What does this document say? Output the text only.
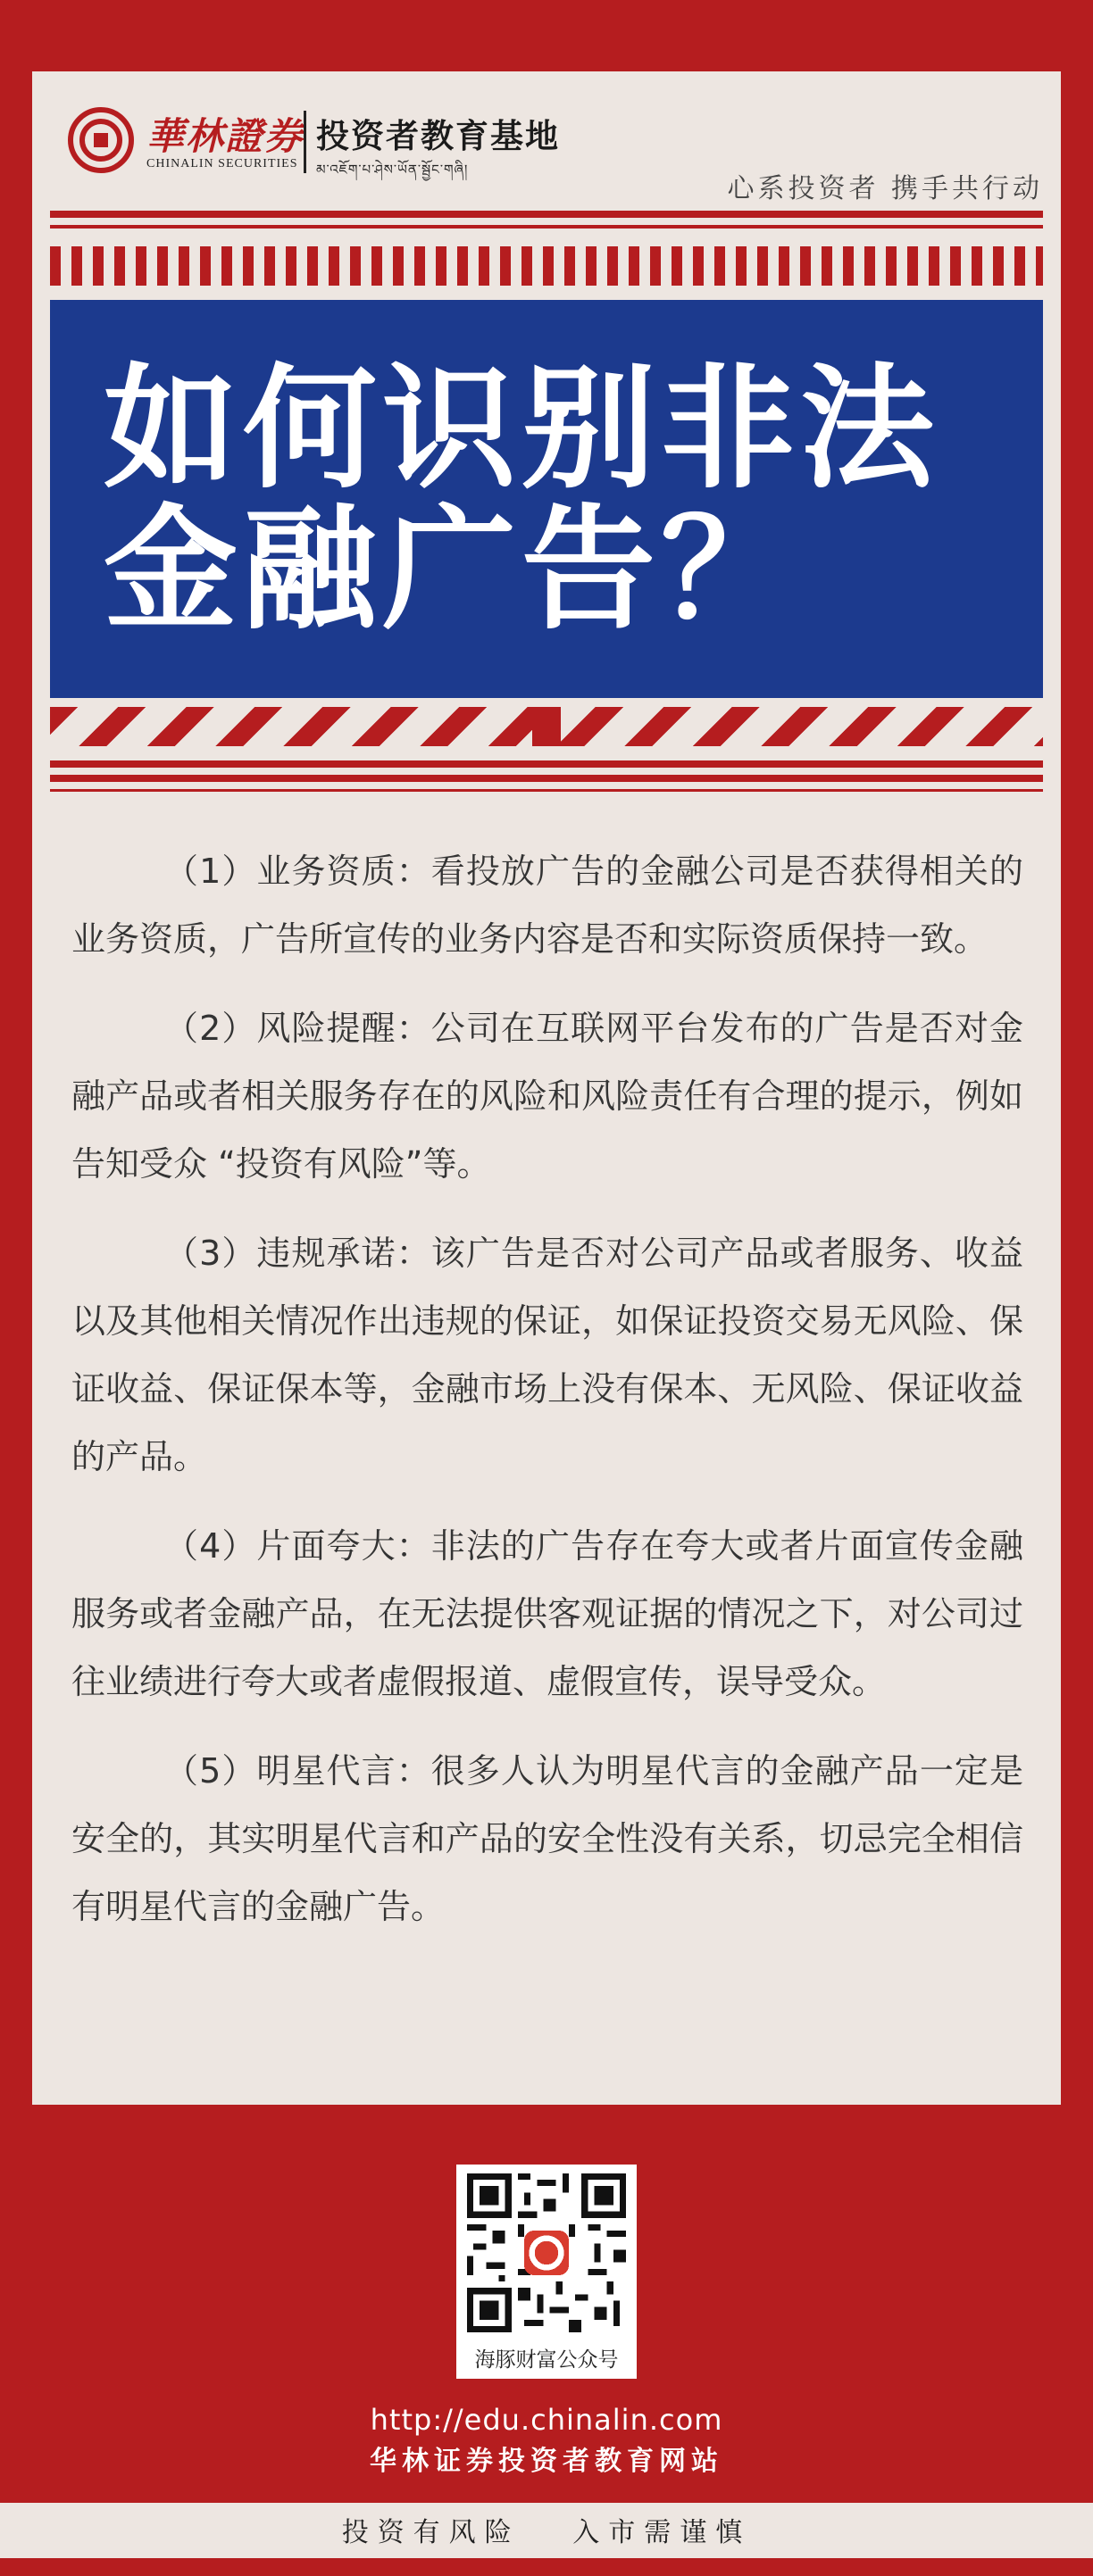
華林證券
CHINALIN SECURITIES
投资者教育基地
མ་འཇོག་པ་ཤེས་ཡོན་སྦྱོང་གཞི།
心系投资者 携手共行动
如何识别非法
金融广告？

（1）业务资质：看投放广告的金融公司是否获得相关的业务资质，广告所宣传的业务内容是否和实际资质保持一致。

（2）风险提醒：公司在互联网平台发布的广告是否对金融产品或者相关服务存在的风险和风险责任有合理的提示，例如告知受众 “投资有风险”等。

（3）违规承诺：该广告是否对公司产品或者服务、收益以及其他相关情况作出违规的保证，如保证投资交易无风险、保证收益、保证保本等，金融市场上没有保本、无风险、保证收益的产品。

（4）片面夸大：非法的广告存在夸大或者片面宣传金融服务或者金融产品，在无法提供客观证据的情况之下，对公司过往业绩进行夸大或者虚假报道、虚假宣传，误导受众。

（5）明星代言：很多人认为明星代言的金融产品一定是安全的，其实明星代言和产品的安全性没有关系，切忌完全相信有明星代言的金融广告。

海豚财富公众号
http://edu.chinalin.com
华林证券投资者教育网站
投资有风险   入市需谨慎
